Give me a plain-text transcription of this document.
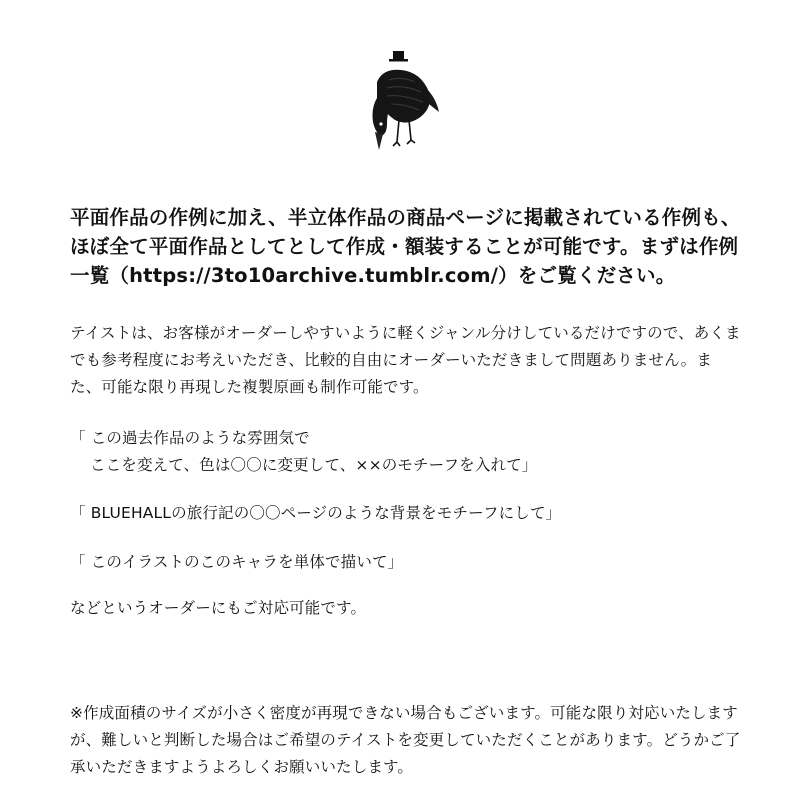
平面作品の作例に加え、半立体作品の商品ページに掲載されている作例も、ほぼ全て平面作品としてとして作成・額装することが可能です。まずは作例一覧（https://3to10archive.tumblr.com/）をご覧ください。

テイストは、お客様がオーダーしやすいように軽くジャンル分けしているだけですので、あくまでも参考程度にお考えいただき、比較的自由にオーダーいただきまして問題ありません。また、可能な限り再現した複製原画も制作可能です。

「 この過去作品のような雰囲気で
ここを変えて、色は〇〇に変更して、××のモチーフを入れて」

「 BLUEHALLの旅行記の〇〇ページのような背景をモチーフにして」

「 このイラストのこのキャラを単体で描いて」

などというオーダーにもご対応可能です。

※作成面積のサイズが小さく密度が再現できない場合もございます。可能な限り対応いたしますが、難しいと判断した場合はご希望のテイストを変更していただくことがあります。どうかご了承いただきますようよろしくお願いいたします。
